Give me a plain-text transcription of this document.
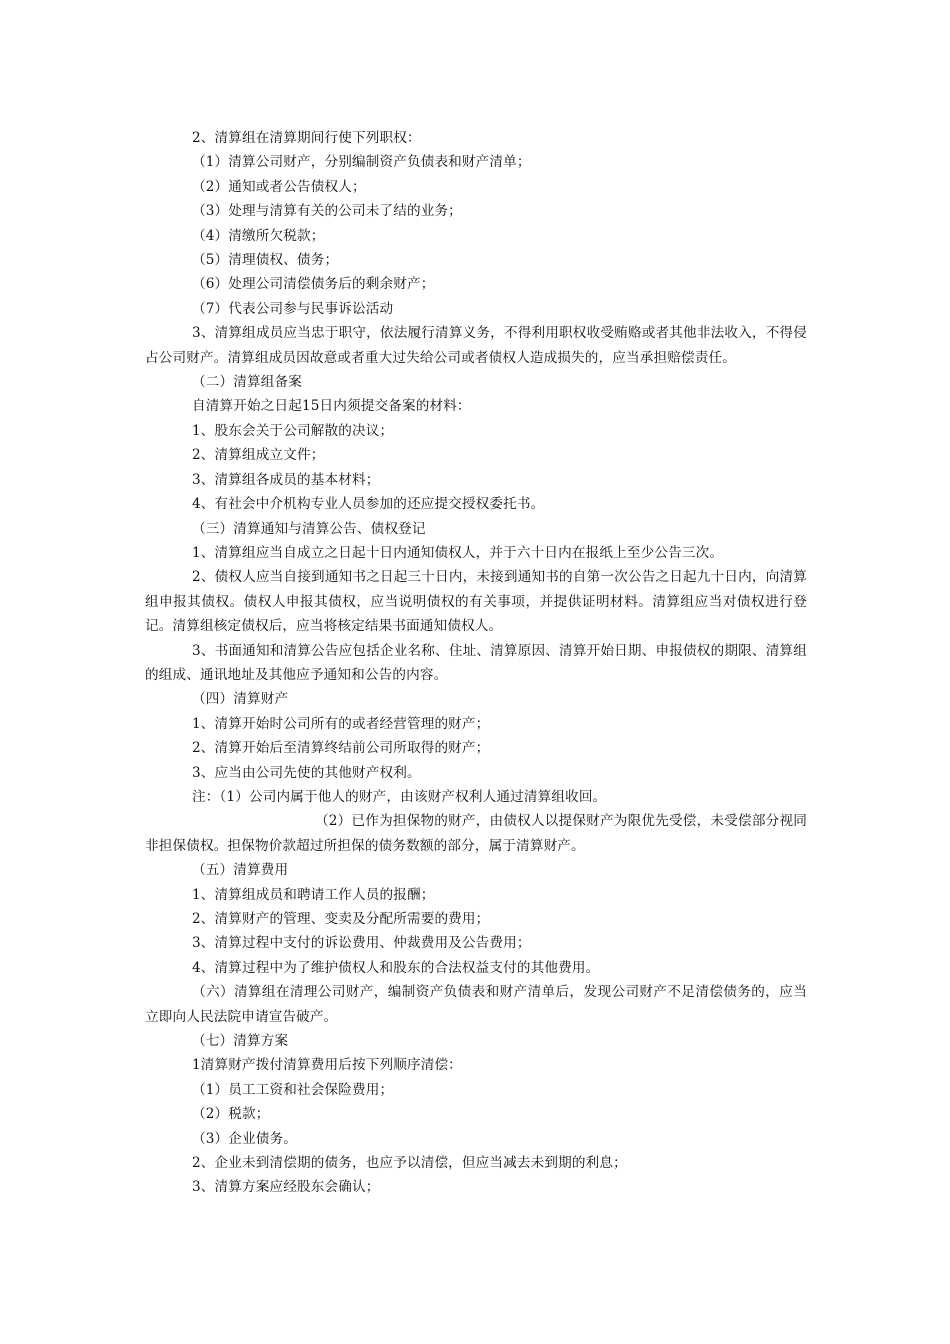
2、清算组在清算期间行使下列职权：

（1）清算公司财产，分别编制资产负债表和财产清单；

（2）通知或者公告债权人；

（3）处理与清算有关的公司未了结的业务；

（4）清缴所欠税款；

（5）清理债权、债务；

（6）处理公司清偿债务后的剩余财产；

（7）代表公司参与民事诉讼活动

3、清算组成员应当忠于职守，依法履行清算义务，不得利用职权收受贿赂或者其他非法收入，不得侵占公司财产。清算组成员因故意或者重大过失给公司或者债权人造成损失的，应当承担赔偿责任。

（二）清算组备案

自清算开始之日起15日内须提交备案的材料：

1、股东会关于公司解散的决议；

2、清算组成立文件；

3、清算组各成员的基本材料；

4、有社会中介机构专业人员参加的还应提交授权委托书。

（三）清算通知与清算公告、债权登记

1、清算组应当自成立之日起十日内通知债权人，并于六十日内在报纸上至少公告三次。

2、债权人应当自接到通知书之日起三十日内，未接到通知书的自第一次公告之日起九十日内，向清算组申报其债权。债权人申报其债权，应当说明债权的有关事项，并提供证明材料。清算组应当对债权进行登记。清算组核定债权后，应当将核定结果书面通知债权人。

3、书面通知和清算公告应包括企业名称、住址、清算原因、清算开始日期、申报债权的期限、清算组的组成、通讯地址及其他应予通知和公告的内容。

（四）清算财产

1、清算开始时公司所有的或者经营管理的财产；

2、清算开始后至清算终结前公司所取得的财产；

3、应当由公司先使的其他财产权利。

注：（1）公司内属于他人的财产，由该财产权利人通过清算组收回。

（2）已作为担保物的财产，由债权人以提保财产为限优先受偿，未受偿部分视同非担保债权。担保物价款超过所担保的债务数额的部分，属于清算财产。

（五）清算费用

1、清算组成员和聘请工作人员的报酬；

2、清算财产的管理、变卖及分配所需要的费用；

3、清算过程中支付的诉讼费用、仲裁费用及公告费用；

4、清算过程中为了维护债权人和股东的合法权益支付的其他费用。

（六）清算组在清理公司财产，编制资产负债表和财产清单后，发现公司财产不足清偿债务的，应当立即向人民法院申请宣告破产。

（七）清算方案

1清算财产拨付清算费用后按下列顺序清偿：

（1）员工工资和社会保险费用；

（2）税款；

（3）企业债务。

2、企业未到清偿期的债务，也应予以清偿，但应当减去未到期的利息；

3、清算方案应经股东会确认；
